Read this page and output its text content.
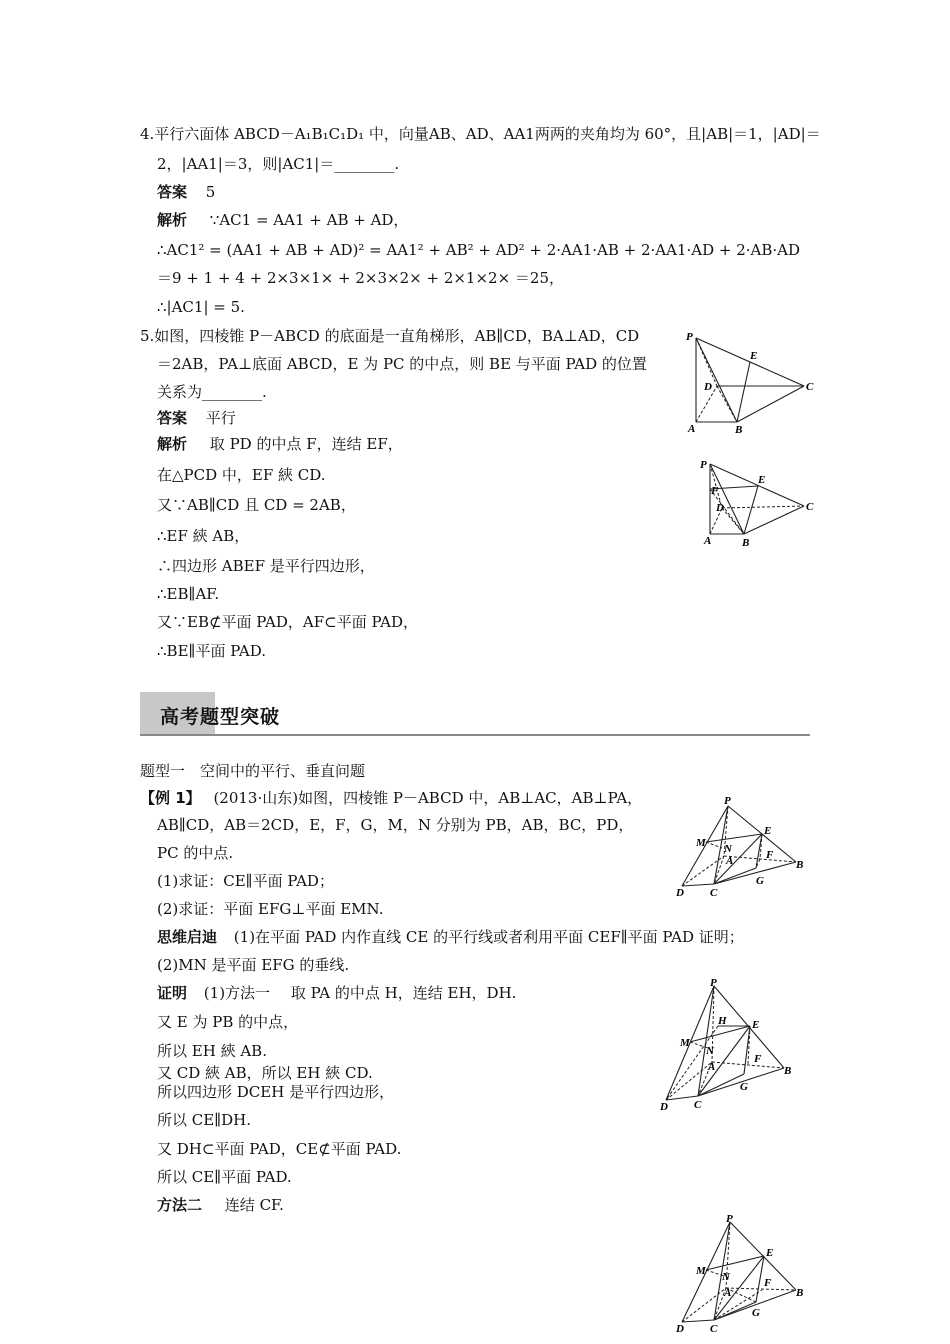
4.平行六面体 ABCD－A₁B₁C₁D₁ 中，向量AB、AD、AA1两两的夹角均为 60°，且|AB|＝1，|AD|＝
2，|AA1|＝3，则|AC1|＝________.
答案 5
解析 ∵AC1 = AA1 + AB + AD，
∴AC1² = (AA1 + AB + AD)² = AA1² + AB² + AD² + 2·AA1·AB + 2·AA1·AD + 2·AB·AD
＝9 + 1 + 4 + 2×3×1× + 2×3×2× + 2×1×2× ＝25，
∴|AC1| = 5.
5.如图，四棱锥 P－ABCD 的底面是一直角梯形，AB∥CD，BA⊥AD，CD
＝2AB，PA⊥底面 ABCD，E 为 PC 的中点，则 BE 与平面 PAD 的位置
关系为________.
答案 平行
解析 取 PD 的中点 F，连结 EF，
在△PCD 中，EF 綊 CD.
又∵AB∥CD 且 CD = 2AB，
∴EF 綊 AB，
∴四边形 ABEF 是平行四边形，
∴EB∥AF.
又∵EB⊄平面 PAD，AF⊂平面 PAD，
∴BE∥平面 PAD.
P
E
D	C
A	B
P
E
F
D	C
A	B
高考题型突破
题型一　空间中的平行、垂直问题
【例 1】 (2013·山东)如图，四棱锥 P－ABCD 中，AB⊥AC，AB⊥PA，
AB∥CD，AB＝2CD，E，F，G，M，N 分别为 PB，AB，BC，PD，
PC 的中点.
(1)求证：CE∥平面 PAD；
(2)求证：平面 EFG⊥平面 EMN.
思维启迪 (1)在平面 PAD 内作直线 CE 的平行线或者利用平面 CEF∥平面 PAD 证明；
(2)MN 是平面 EFG 的垂线.
证明 (1)方法一 取 PA 的中点 H，连结 EH，DH.
又 E 为 PB 的中点，
所以 EH 綊 AB.
又 CD 綊 AB，所以 EH 綊 CD.
所以四边形 DCEH 是平行四边形，
所以 CE∥DH.
又 DH⊂平面 PAD，CE⊄平面 PAD.
所以 CE∥平面 PAD.
方法二 连结 CF.
P
M
E
N
A	F
B
D C
G
P
H E
M
N
A
F
B
D C
G
P
E
M N
A
F
B
D C
G
